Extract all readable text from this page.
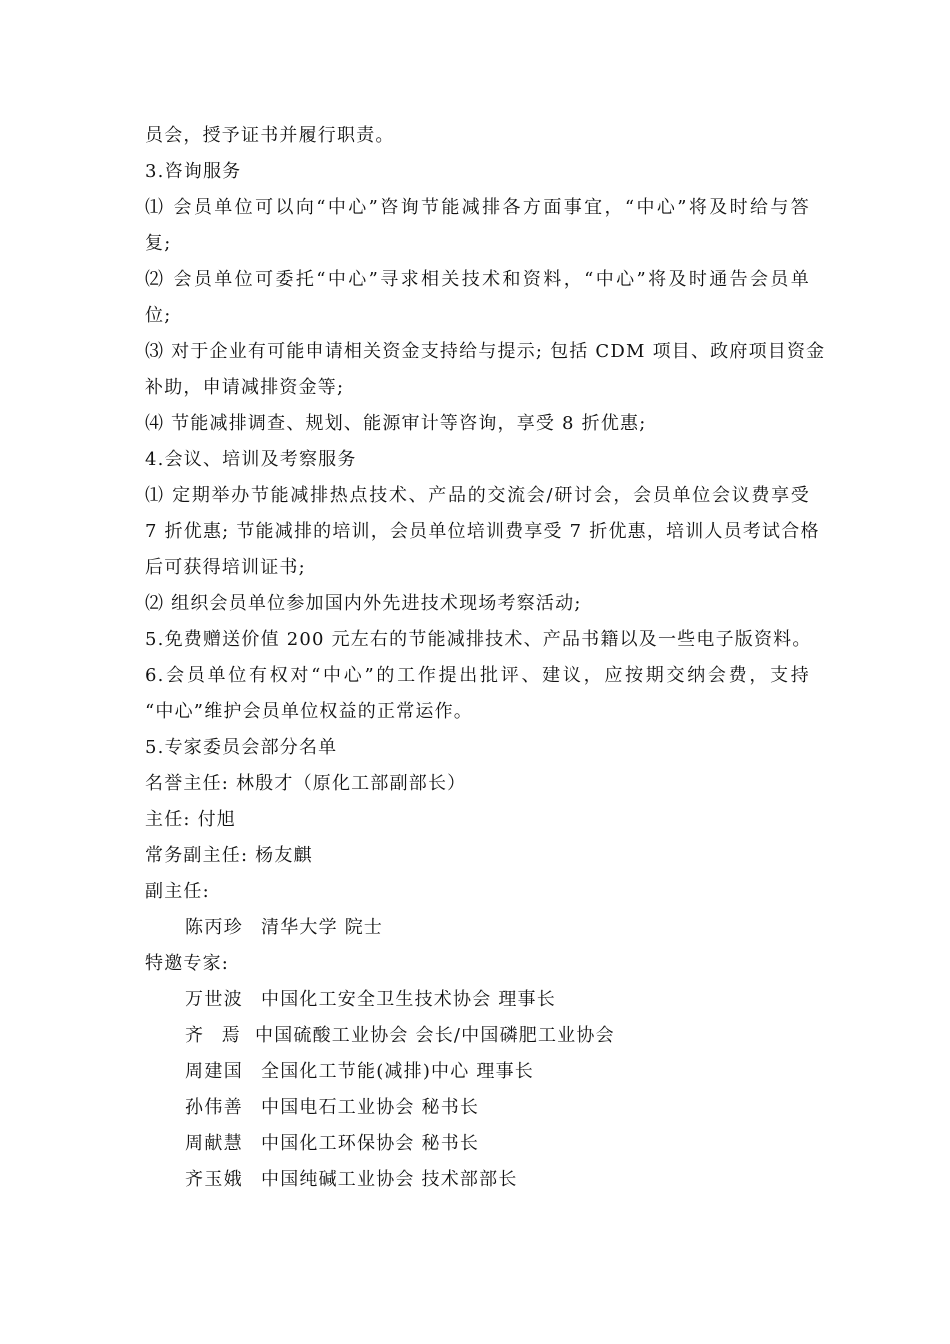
员会，授予证书并履行职责。
3.咨询服务
⑴ 会员单位可以向“中心”咨询节能减排各方面事宜，“中心”将及时给与答
复;
⑵ 会员单位可委托“中心”寻求相关技术和资料，“中心”将及时通告会员单
位;
⑶ 对于企业有可能申请相关资金支持给与提示; 包括 CDM 项目、政府项目资金
补助，申请减排资金等;
⑷ 节能减排调查、规划、能源审计等咨询，享受 8 折优惠;
4.会议、培训及考察服务
⑴ 定期举办节能减排热点技术、产品的交流会/研讨会，会员单位会议费享受
7 折优惠; 节能减排的培训，会员单位培训费享受 7 折优惠，培训人员考试合格
后可获得培训证书;
⑵ 组织会员单位参加国内外先进技术现场考察活动;
5.免费赠送价值 200 元左右的节能减排技术、产品书籍以及一些电子版资料。
6.会员单位有权对“中心”的工作提出批评、建议，应按期交纳会费，支持
“中心”维护会员单位权益的正常运作。
5.专家委员会部分名单
名誉主任: 林殷才（原化工部副部长）
主任: 付旭
常务副主任: 杨友麒
副主任:
陈丙珍 清华大学 院士
特邀专家:
万世波 中国化工安全卫生技术协会 理事长
齐 焉 中国硫酸工业协会 会长/中国磷肥工业协会
周建国 全国化工节能(减排)中心 理事长
孙伟善 中国电石工业协会 秘书长
周献慧 中国化工环保协会 秘书长
齐玉娥 中国纯碱工业协会 技术部部长
